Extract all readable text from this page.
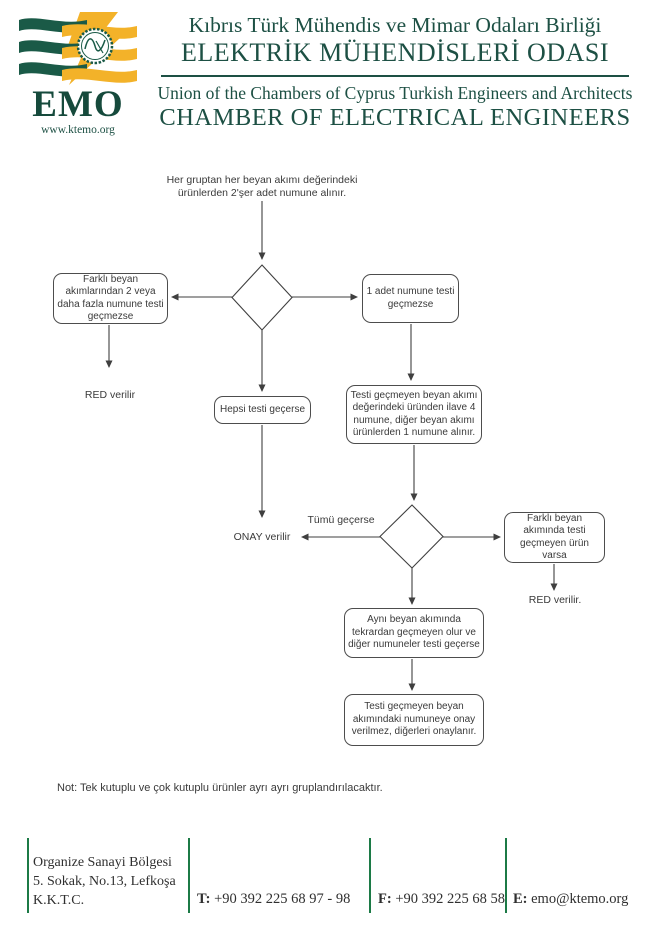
EMO
www.ktemo.org
Kıbrıs Türk Mühendis ve Mimar Odaları Birliği
ELEKTRİK MÜHENDİSLERİ ODASI
Union of the Chambers of Cyprus Turkish Engineers and Architects
CHAMBER OF ELECTRICAL ENGINEERS
Her gruptan her beyan akımı değerindeki ürünlerden 2'şer adet numune alınır.
Farklı beyan akımlarından 2 veya daha fazla numune testi geçmezse
RED verilir
1 adet numune testi geçmezse
Hepsi testi geçerse
Testi geçmeyen beyan akımı değerindeki üründen ilave 4 numune, diğer beyan akımı ürünlerden 1 numune alınır.
ONAY verilir
Tümü geçerse	Farklı beyan akımında testi geçmeyen ürün varsa
RED verilir.
Aynı beyan akımında tekrardan geçmeyen olur ve diğer numuneler testi geçerse
Testi geçmeyen beyan akımındaki numuneye onay verilmez, diğerleri onaylanır.
Not: Tek kutuplu ve çok kutuplu ürünler ayrı ayrı gruplandırılacaktır.
Organize Sanayi Bölgesi
5. Sokak, No.13, Lefkoşa
K.K.T.C.	T: +90 392 225 68 97 - 98 F: +90 392 225 68 58 E: emo@ktemo.org
